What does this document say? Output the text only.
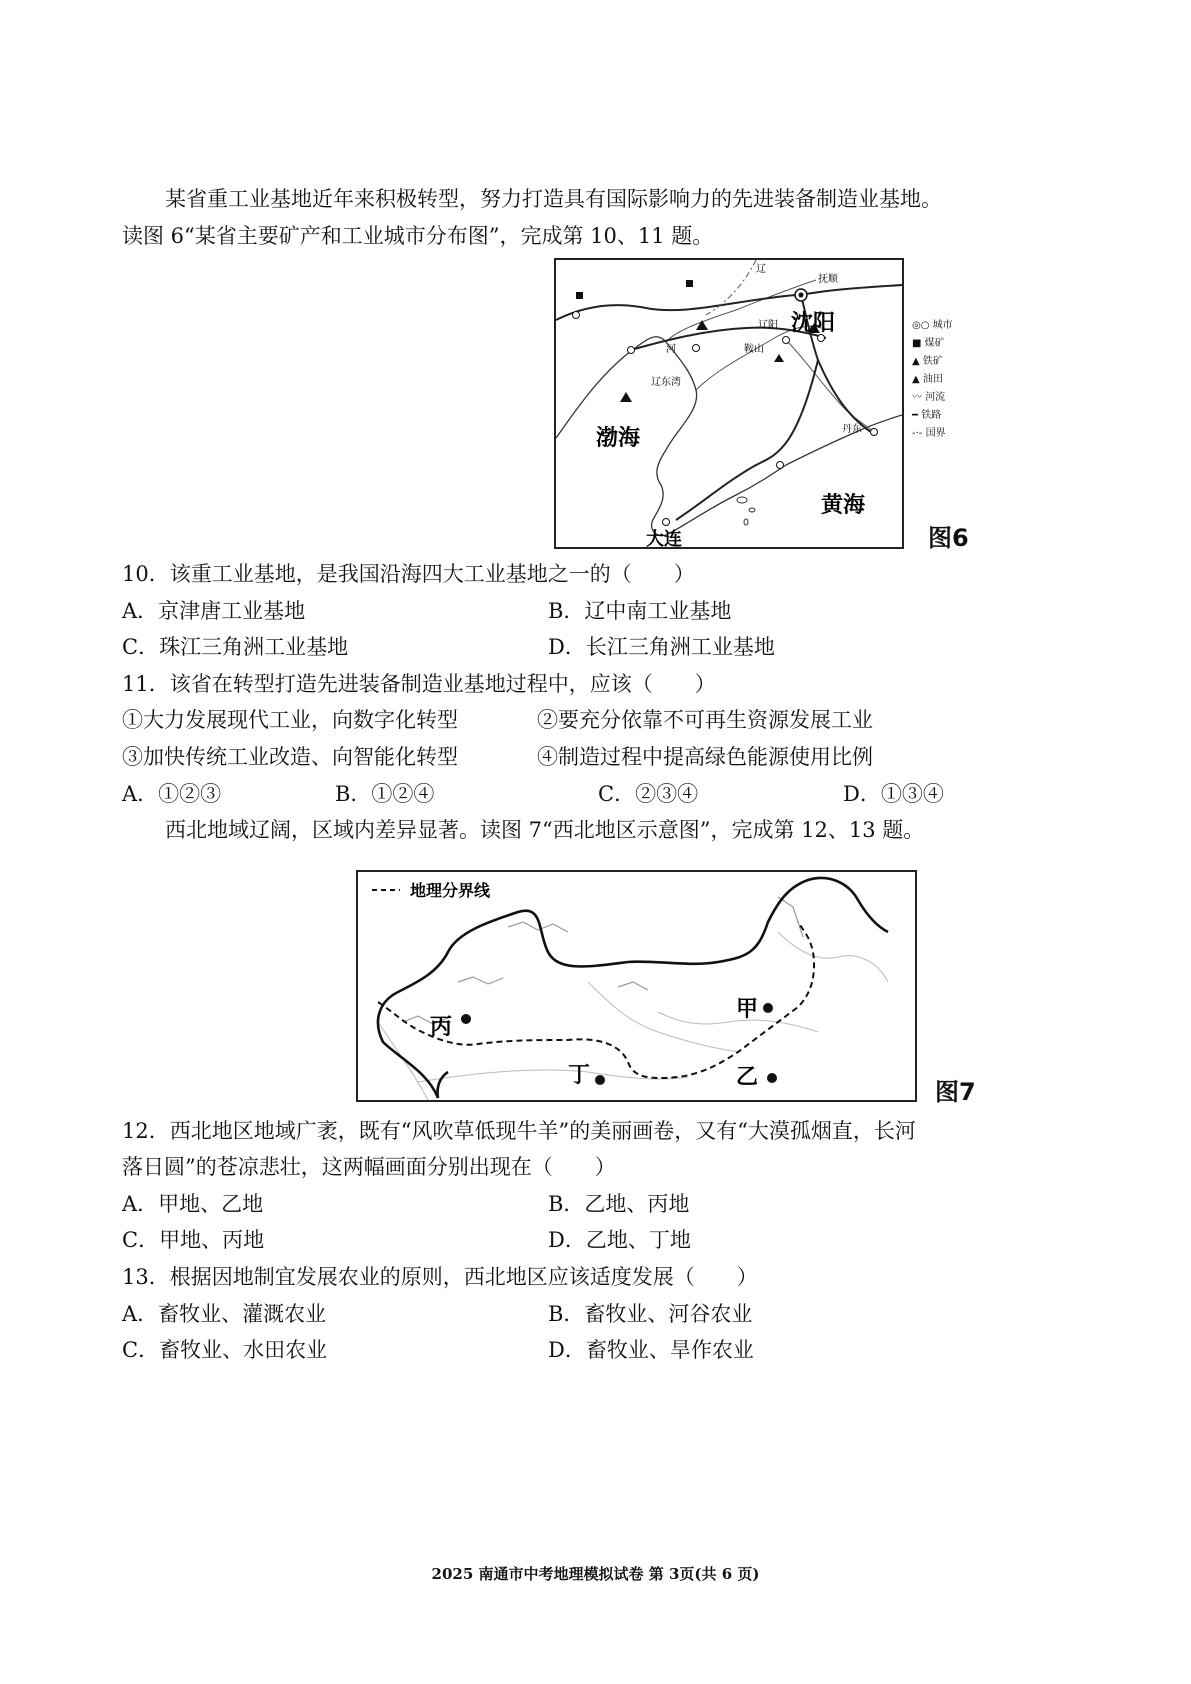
某省重工业基地近年来积极转型，努力打造具有国际影响力的先进装备制造业基地。
读图 6“某省主要矿产和工业城市分布图”，完成第 10、11 题。
沈阳
抚顺
辽
辽阳
鞍山
河
辽东湾
渤海	丹东
黄海
大连
◎○ 城市
■ 煤矿
▲ 铁矿
▲ 油田
〰 河流
━ 铁路
-·- 国界
图6
10．该重工业基地，是我国沿海四大工业基地之一的（　　）
A．京津唐工业基地	B．辽中南工业基地
C．珠江三角洲工业基地	D．长江三角洲工业基地
11．该省在转型打造先进装备制造业基地过程中，应该（　　）
①大力发展现代工业，向数字化转型	②要充分依靠不可再生资源发展工业
③加快传统工业改造、向智能化转型	④制造过程中提高绿色能源使用比例
A．①②③	B．①②④	C．②③④	D．①③④
西北地域辽阔，区域内差异显著。读图 7“西北地区示意图”，完成第 12、13 题。
地理分界线
丙
丁
甲
乙
图7
12．西北地区地域广袤，既有“风吹草低现牛羊”的美丽画卷，又有“大漠孤烟直，长河
落日圆”的苍凉悲壮，这两幅画面分别出现在（　　）
A．甲地、乙地	B．乙地、丙地
C．甲地、丙地	D．乙地、丁地
13．根据因地制宜发展农业的原则，西北地区应该适度发展（　　）
A．畜牧业、灌溉农业	B．畜牧业、河谷农业
C．畜牧业、水田农业	D．畜牧业、旱作农业
2025 南通市中考地理模拟试卷 第 3页(共 6 页)
